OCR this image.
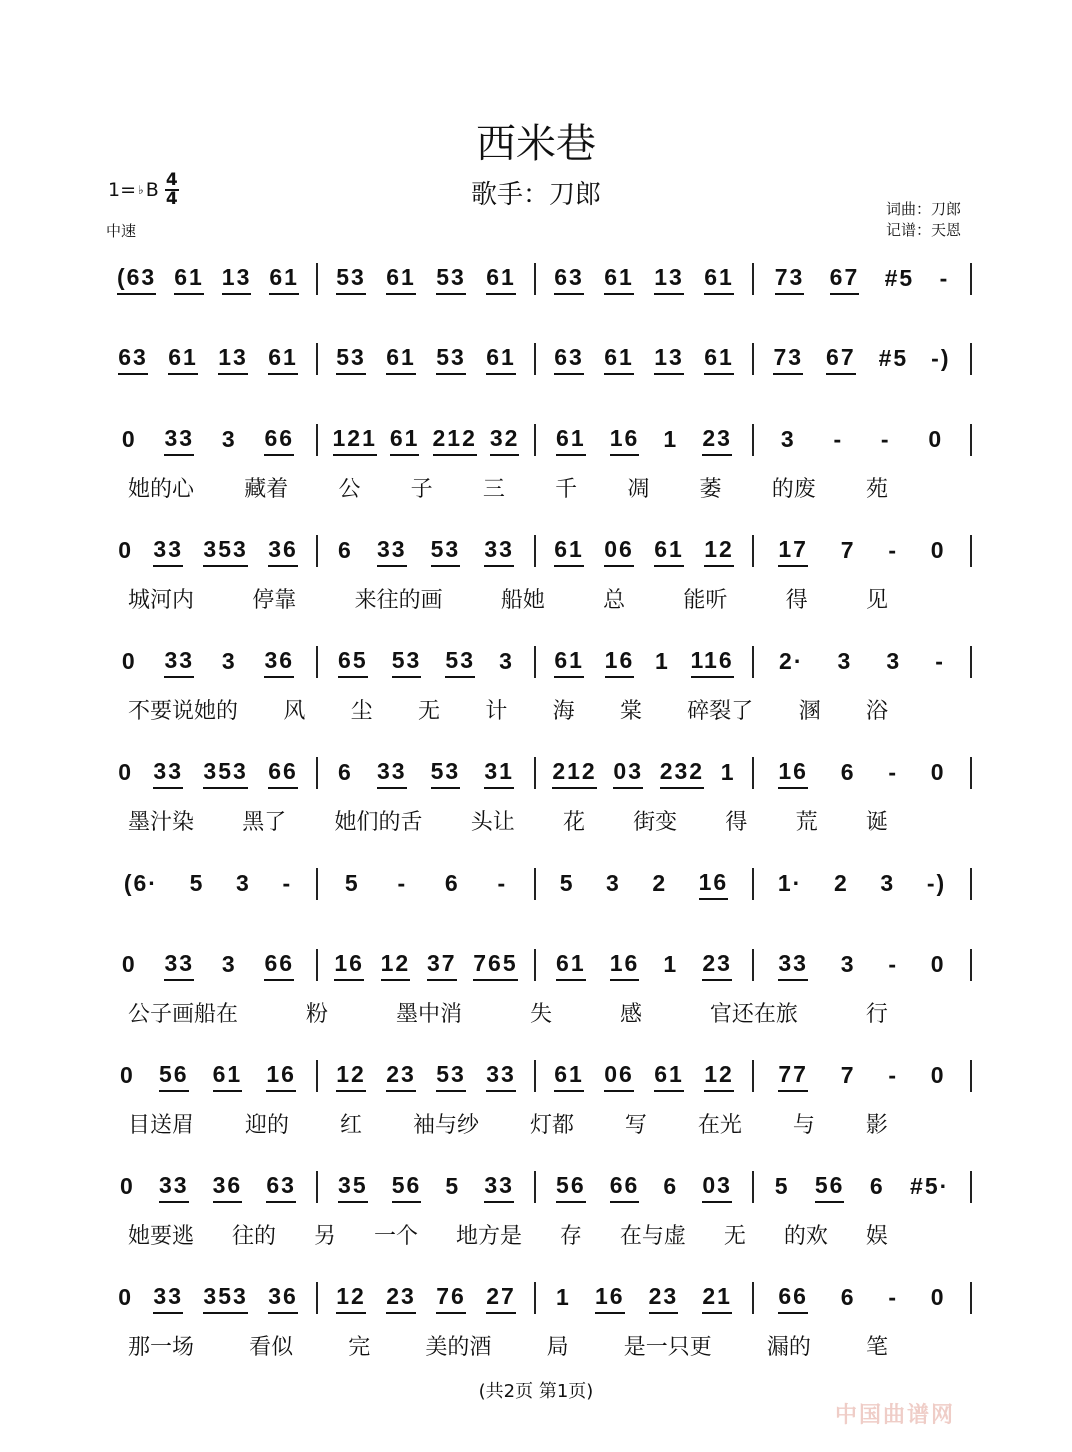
西米巷
歌手：刀郎
1= ♭ B 4
4
中速
词曲：刀郎
记谱：天恩
(63 61 13 61 53 61 53 61 63 61 13 61 73 67 #5 -
63 61 13 61 53 61 53 61 63 61 13 61 73 67 #5 -)
0 33 3 66 121 61 212 32 61 16 1 23 3 - - 0
她的心 藏着 公 子 三 千 凋 萎 的废 苑
0 33 353 36 6 33 53 33 61 06 61 12 17 7 - 0
城河内	停靠	来往的画	船她	总	能听	得	见
0 33 3 36 65 53 53 3 61 16 1 116 2· 3 3 -
不要说她的 风 尘 无 计 海 棠 碎裂了 溷 浴
0 33 353 66 6 33 53 31 212 03 232 1 16 6 - 0
墨汁染 黑了 她们的舌 头让 花 街变 得 荒 诞
(6· 5 3 - 5 - 6 - 5 3 2 16 1· 2 3 -)
0 33 3 66 16 12 37 765 61 16 1 23 33 3 - 0
公子画船在	粉	墨中消	失	感	官还在旅	行
0 56 61 16 12 23 53 33 61 06 61 12 77 7 - 0
目送眉 迎的 红 袖与纱 灯都 写 在光 与 影
0 33 36 63 35 56 5 33 56 66 6 03 5 56 6 #5·
她要逃 往的 另 一个 地方是 存 在与虚 无 的欢 娱
0 33 353 36 12 23 76 27 1 16 23 21 66 6 - 0
那一场	看似	完	美的酒	局	是一只更	漏的	笔
(共2页 第1页)
中国曲谱网
